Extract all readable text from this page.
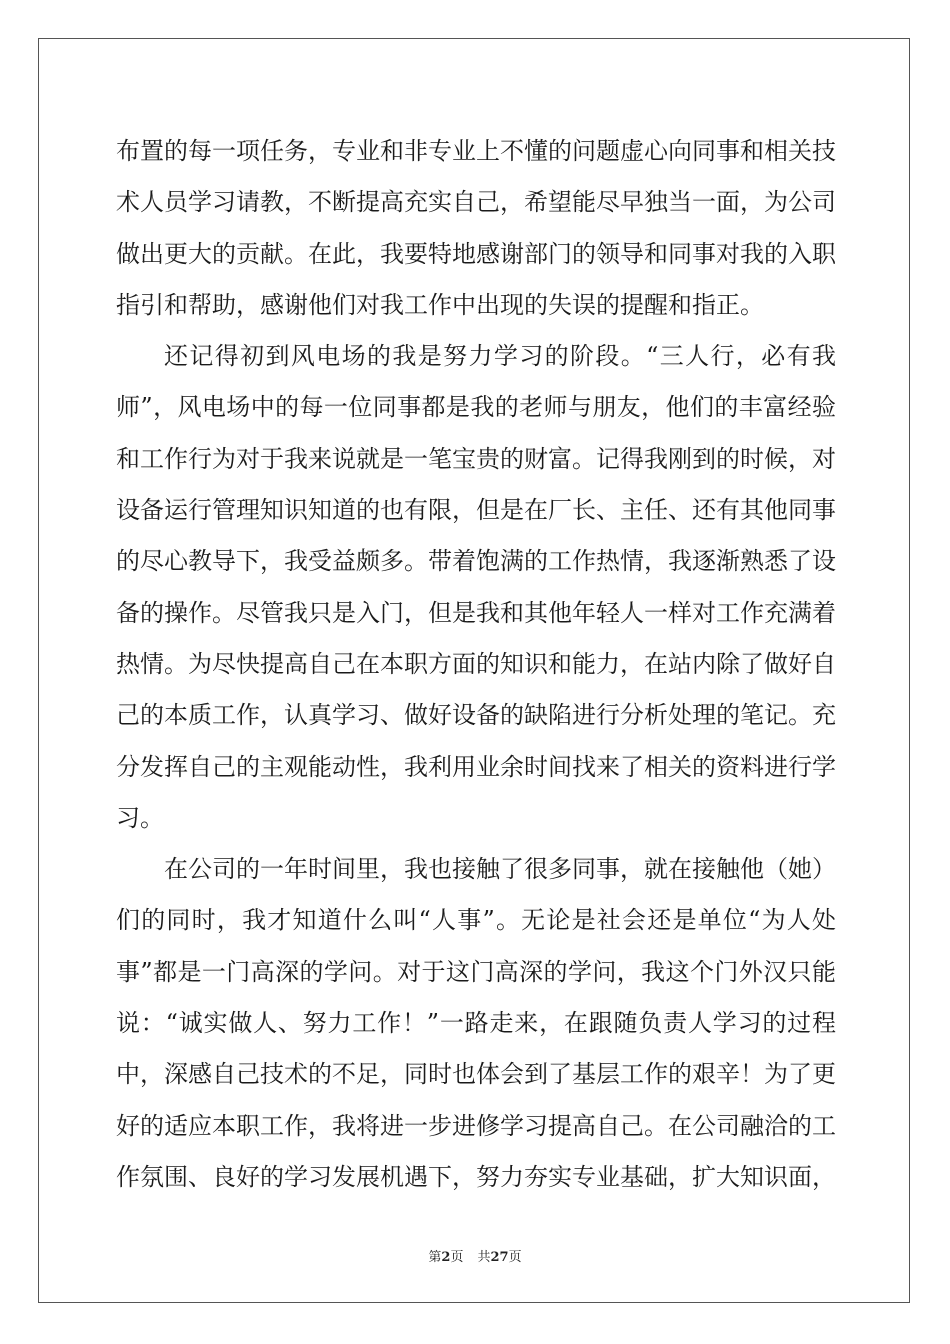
布置的每一项任务，专业和非专业上不懂的问题虚心向同事和相关技
术人员学习请教，不断提高充实自己，希望能尽早独当一面，为公司
做出更大的贡献。在此，我要特地感谢部门的领导和同事对我的入职
指引和帮助，感谢他们对我工作中出现的失误的提醒和指正。
还记得初到风电场的我是努力学习的阶段。“三人行，必有我
师”，风电场中的每一位同事都是我的老师与朋友，他们的丰富经验
和工作行为对于我来说就是一笔宝贵的财富。记得我刚到的时候，对
设备运行管理知识知道的也有限，但是在厂长、主任、还有其他同事
的尽心教导下，我受益颇多。带着饱满的工作热情，我逐渐熟悉了设
备的操作。尽管我只是入门，但是我和其他年轻人一样对工作充满着
热情。为尽快提高自己在本职方面的知识和能力，在站内除了做好自
己的本质工作，认真学习、做好设备的缺陷进行分析处理的笔记。充
分发挥自己的主观能动性，我利用业余时间找来了相关的资料进行学
习。
在公司的一年时间里，我也接触了很多同事，就在接触他（她）
们的同时，我才知道什么叫“人事”。无论是社会还是单位“为人处
事”都是一门高深的学问。对于这门高深的学问，我这个门外汉只能
说：“诚实做人、努力工作！”一路走来，在跟随负责人学习的过程
中，深感自己技术的不足，同时也体会到了基层工作的艰辛！为了更
好的适应本职工作，我将进一步进修学习提高自己。在公司融洽的工
作氛围、良好的学习发展机遇下，努力夯实专业基础，扩大知识面，
第2页 共27页
